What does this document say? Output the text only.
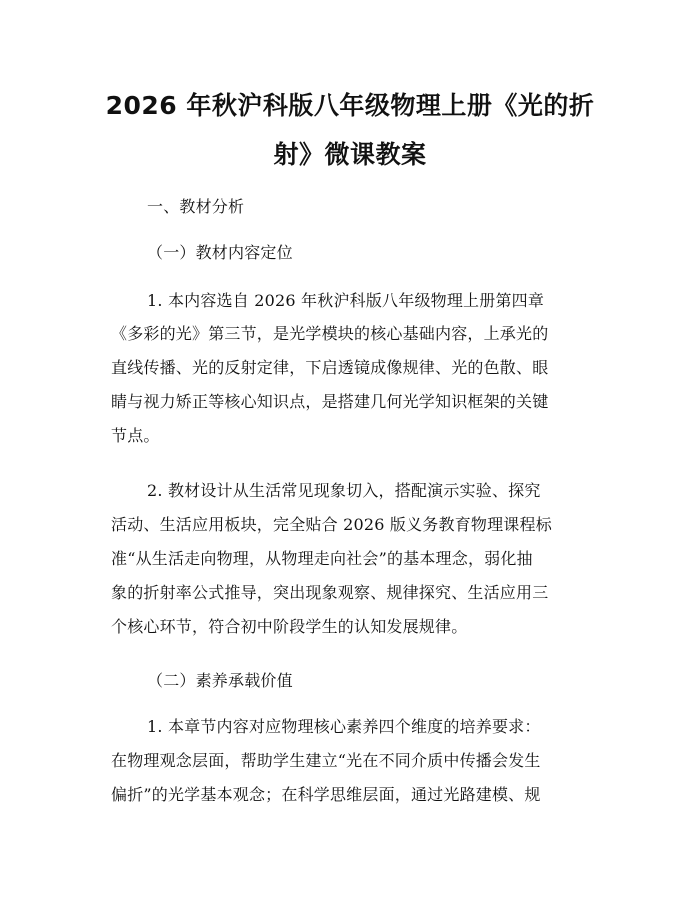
2026 年秋沪科版八年级物理上册《光的折
射》微课教案
一、教材分析
（一）教材内容定位
1. 本内容选自 2026 年秋沪科版八年级物理上册第四章
《多彩的光》第三节，是光学模块的核心基础内容，上承光的
直线传播、光的反射定律，下启透镜成像规律、光的色散、眼
睛与视力矫正等核心知识点，是搭建几何光学知识框架的关键
节点。
2. 教材设计从生活常见现象切入，搭配演示实验、探究
活动、生活应用板块，完全贴合 2026 版义务教育物理课程标
准“从生活走向物理，从物理走向社会”的基本理念，弱化抽
象的折射率公式推导，突出现象观察、规律探究、生活应用三
个核心环节，符合初中阶段学生的认知发展规律。
（二）素养承载价值
1. 本章节内容对应物理核心素养四个维度的培养要求：
在物理观念层面，帮助学生建立“光在不同介质中传播会发生
偏折”的光学基本观念；在科学思维层面，通过光路建模、规
